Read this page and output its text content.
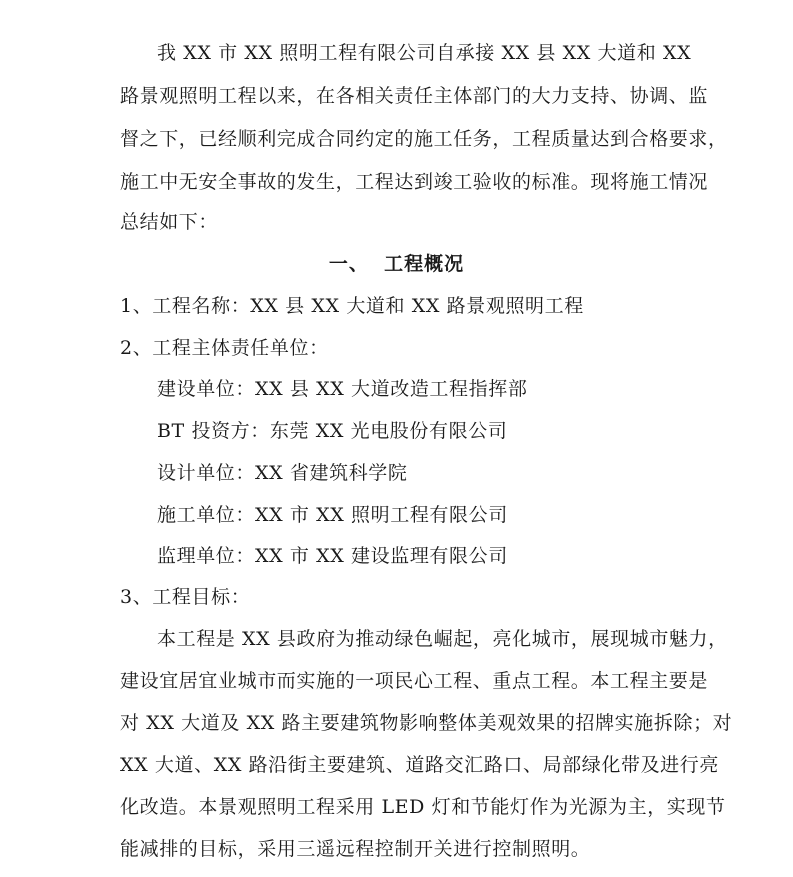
我 XX 市 XX 照明工程有限公司自承接 XX 县 XX 大道和 XX
路景观照明工程以来，在各相关责任主体部门的大力支持、协调、监
督之下，已经顺利完成合同约定的施工任务，工程质量达到合格要求，
施工中无安全事故的发生，工程达到竣工验收的标准。现将施工情况
总结如下：
一、  工程概况
1、工程名称：XX 县 XX 大道和 XX 路景观照明工程
2、工程主体责任单位：
建设单位：XX 县 XX 大道改造工程指挥部
BT 投资方：东莞 XX 光电股份有限公司
设计单位：XX 省建筑科学院
施工单位：XX 市 XX 照明工程有限公司
监理单位：XX 市 XX 建设监理有限公司
3、工程目标：
本工程是 XX 县政府为推动绿色崛起，亮化城市，展现城市魅力，
建设宜居宜业城市而实施的一项民心工程、重点工程。本工程主要是
对 XX 大道及 XX 路主要建筑物影响整体美观效果的招牌实施拆除；对
XX 大道、XX 路沿街主要建筑、道路交汇路口、局部绿化带及进行亮
化改造。本景观照明工程采用 LED 灯和节能灯作为光源为主，实现节
能减排的目标，采用三遥远程控制开关进行控制照明。
